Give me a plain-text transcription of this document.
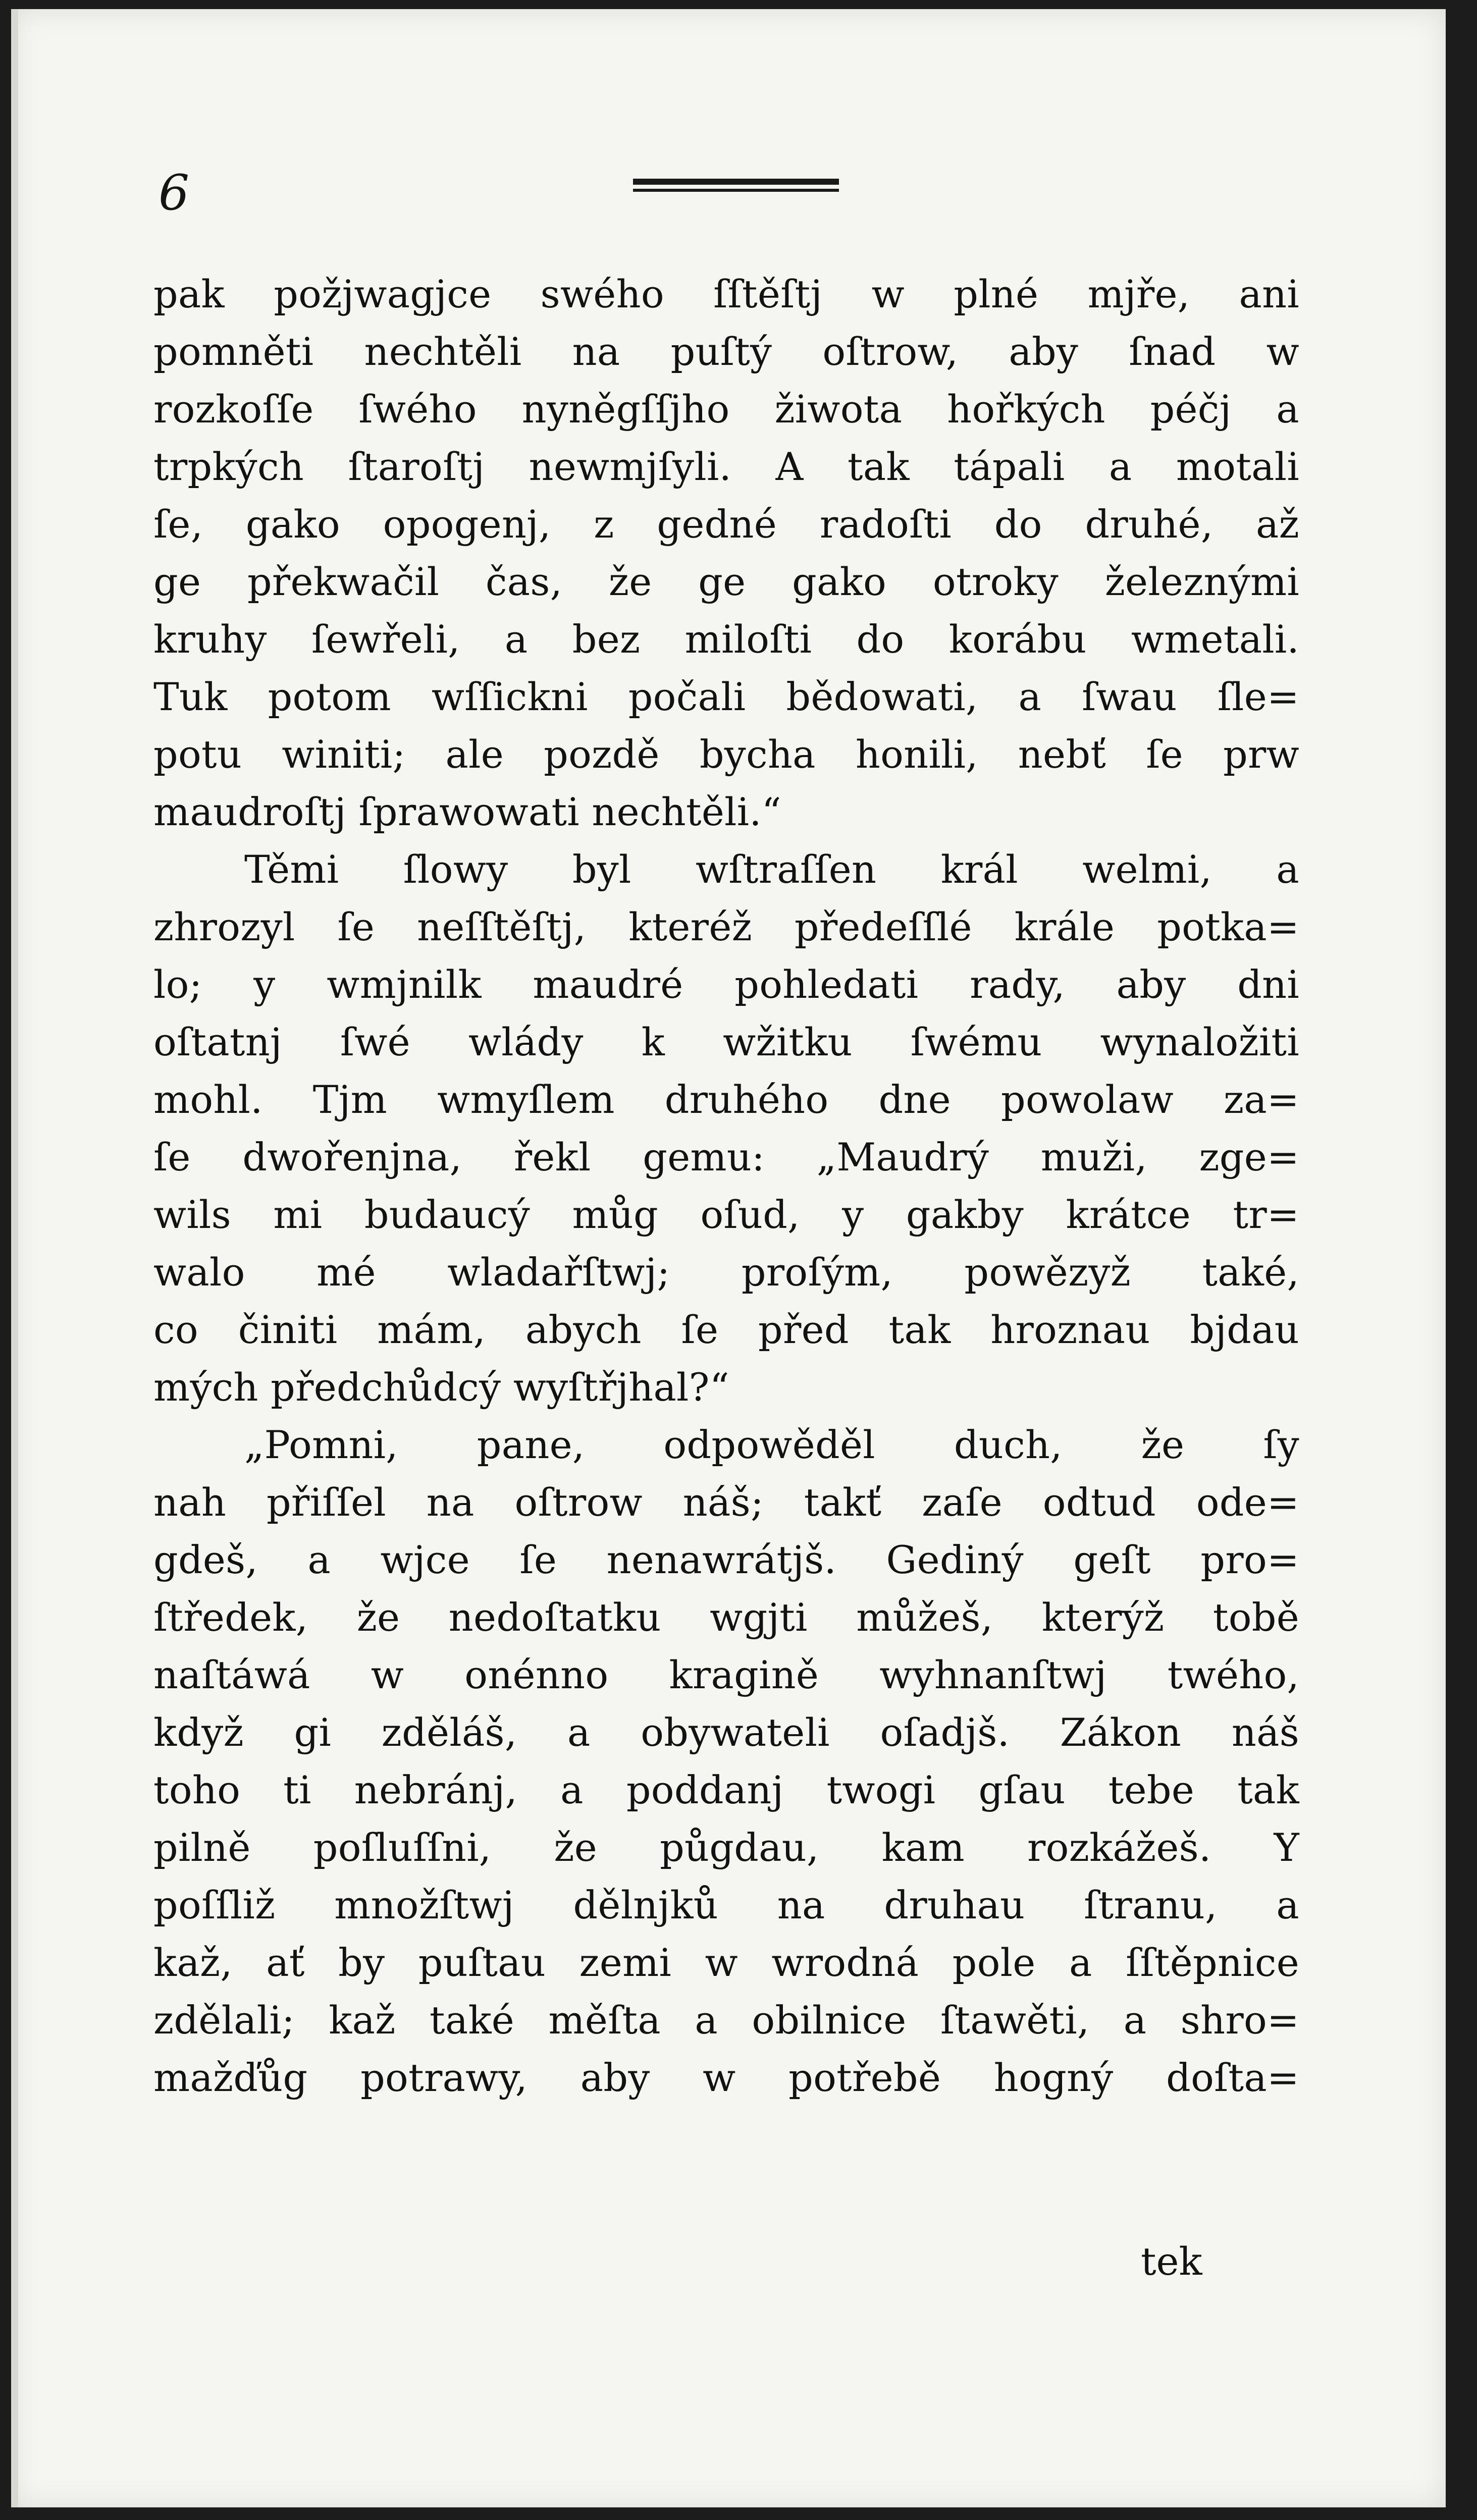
6
pak požjwagjce swého ſſtěſtj w plné mjře, ani
pomněti nechtěli na puſtý oſtrow, aby ſnad w
rozkoſſe ſwého nyněgſſjho žiwota hořkých péčj a
trpkých ſtaroſtj newmjſyli. A tak tápali a motali
ſe, gako opogenj, z gedné radoſti do druhé, až
ge překwačil čas, že ge gako otroky železnými
kruhy ſewřeli, a bez miloſti do korábu wmetali.
Tuk potom wſſickni počali bědowati, a ſwau ſle=
potu winiti; ale pozdě bycha honili, nebť ſe prw
maudroſtj ſprawowati nechtěli.“
Těmi ſlowy byl wſtraſſen král welmi, a
zhrozyl ſe neſſtěſtj, kteréž předeſſlé krále potka=
lo; y wmjnilk maudré pohledati rady, aby dni
oſtatnj ſwé wlády k wžitku ſwému wynaložiti
mohl. Tjm wmyſlem druhého dne powolaw za=
ſe dwořenjna, řekl gemu: „Maudrý muži, zge=
wils mi budaucý můg oſud, y gakby krátce tr=
walo mé wladařſtwj; proſým, powězyž také,
co činiti mám, abych ſe před tak hroznau bjdau
mých předchůdcý wyſtřjhal?“
„Pomni, pane, odpowěděl duch, že ſy
nah přiſſel na oſtrow náš; takť zaſe odtud ode=
gdeš, a wjce ſe nenawrátjš. Gediný geſt pro=
ſtředek, že nedoſtatku wgjti můžeš, kterýž tobě
naſtáwá w onénno kragině wyhnanſtwj twého,
když gi zděláš, a obywateli oſadjš. Zákon náš
toho ti nebránj, a poddanj twogi gſau tebe tak
pilně poſluſſni, že půgdau, kam rozkážeš. Y
poſſliž množſtwj dělnjků na druhau ſtranu, a
kaž, ať by puſtau zemi w wrodná pole a ſſtěpnice
zdělali; kaž také měſta a obilnice ſtawěti, a shro=
mažďůg potrawy, aby w potřebě hogný doſta=
tek
